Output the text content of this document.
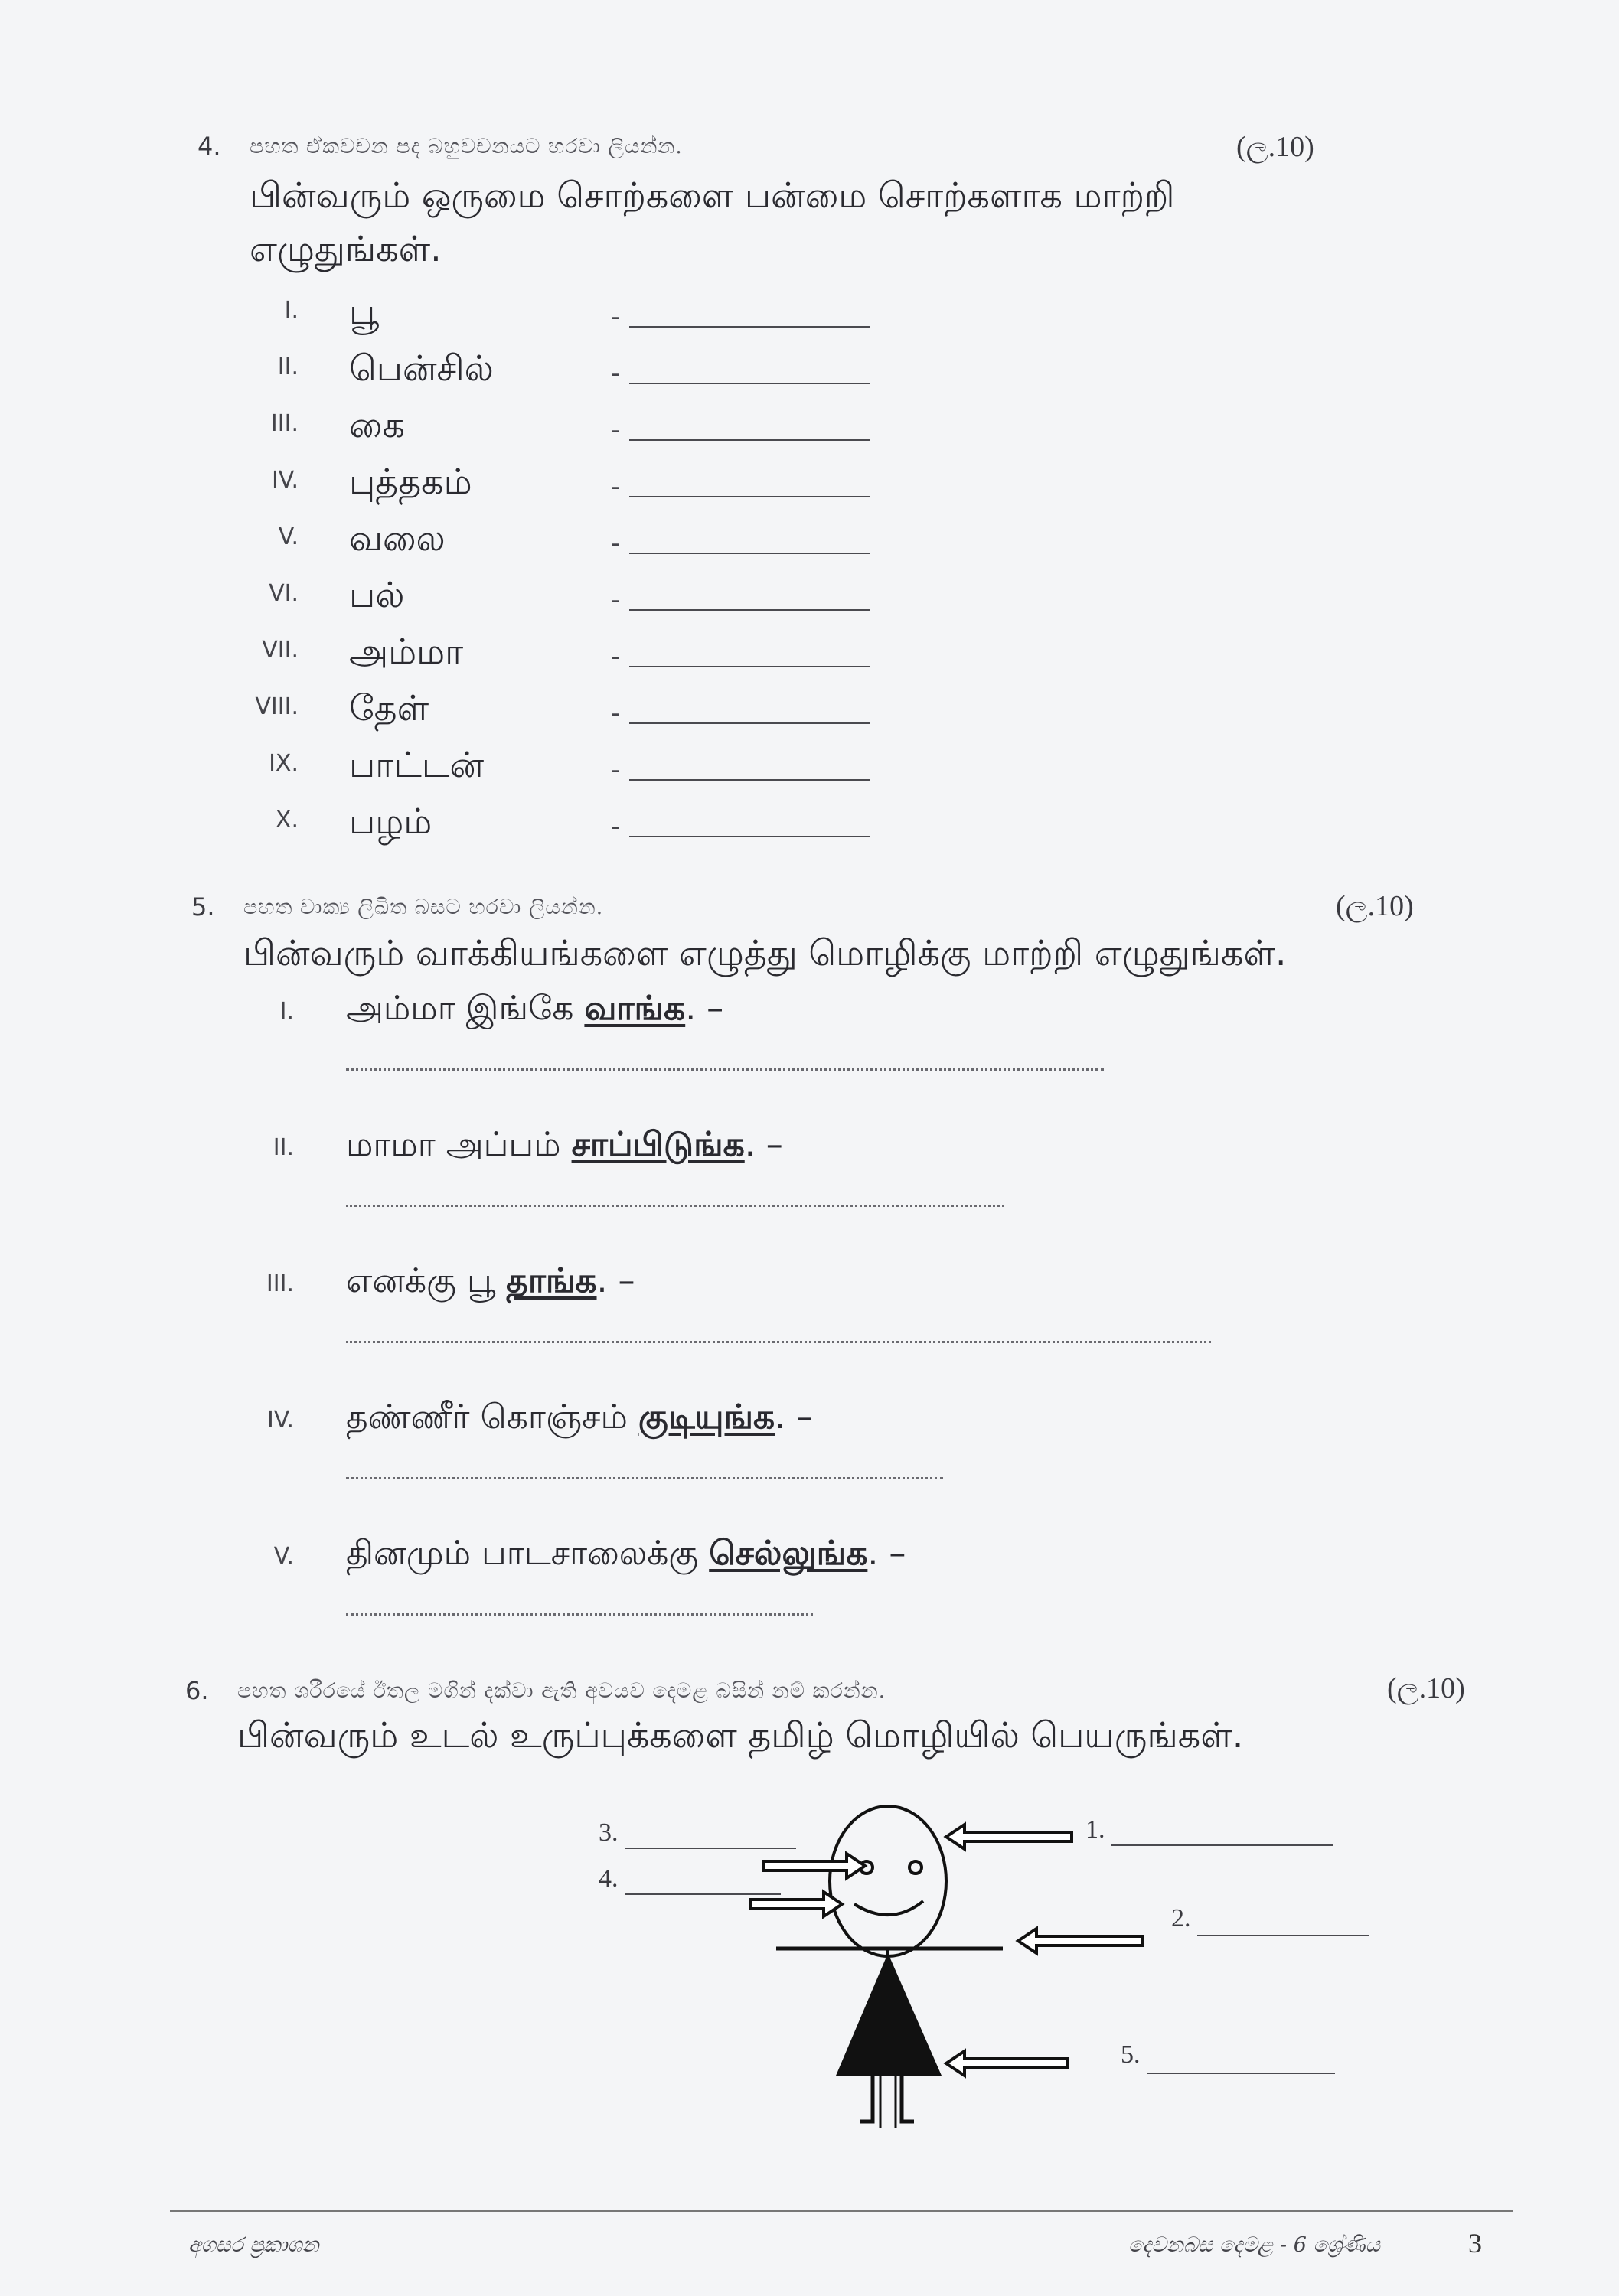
4. පහත ඒකවචන පද බහුවචනයට හරවා ලියන්න.	(ල.10)
பின்வரும் ஒருமை சொற்களை பன்மை சொற்களாக மாற்றி
எழுதுங்கள்.
I. பூ	-
II. பென்சில்	-
III. கை	-
IV. புத்தகம்	-
V. வலை	-
VI. பல்	-
VII. அம்மா	-
VIII. தேள்	-
IX. பாட்டன்	-
X. பழம்	-
5. පහත වාක්‍ය ලිඛිත බසට හරවා ලියන්න.	(ල.10)
பின்வரும் வாக்கியங்களை எழுத்து மொழிக்கு மாற்றி எழுதுங்கள்.
I. அம்மா இங்கே வாங்க. –
II. மாமா அப்பம் சாப்பிடுங்க. –
III. எனக்கு பூ தாங்க. –
IV. தண்ணீர் கொஞ்சம் குடியுங்க. –
V. தினமும் பாடசாலைக்கு செல்லுங்க. –
6. පහත ශරීරයේ ඊතල මගින් දක්වා ඇති අවයව දෙමළ බසින් නම් කරන්න.	(ල.10)
பின்வரும் உடல் உருப்புக்களை தமிழ் மொழியில் பெயருங்கள்.
1.
2.
3.
4.
5.
අගසර ප්‍රකාශන	දෙවනබස දෙමළ - 6 ශ්‍රේණිය	3
